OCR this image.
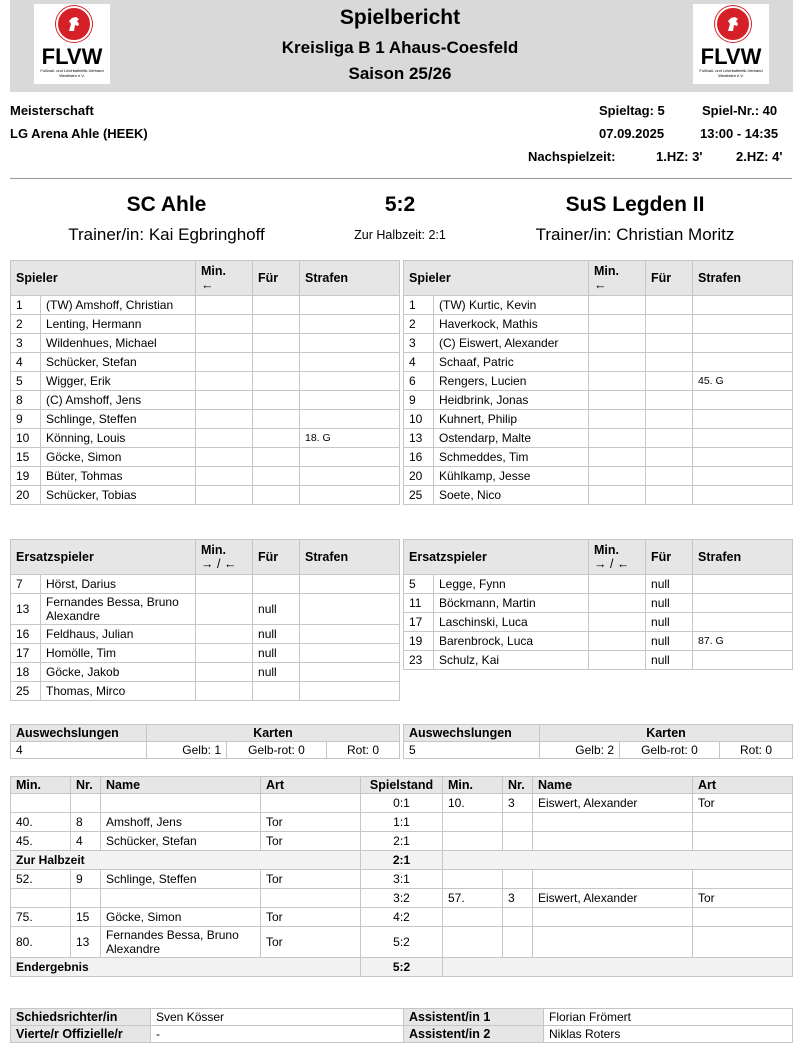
FLVW
Fußball- und Leichtathletik-Verband Westfalen e.V.
FLVW
Fußball- und Leichtathletik-Verband Westfalen e.V.
Spielbericht
Kreisliga B 1 Ahaus-Coesfeld
Saison 25/26
Meisterschaft
LG Arena Ahle (HEEK)
Spieltag: 5	Spiel-Nr.: 40
07.09.2025	13:00 - 14:35
Nachspielzeit:	1.HZ: 3'	2.HZ: 4'
SC Ahle	5:2	SuS Legden II
Trainer/in: Kai Egbringhoff	Zur Halbzeit: 2:1	Trainer/in: Christian Moritz
Spieler		Min.
←	Für	Strafen
1	(TW) Amshoff, Christian			
2	Lenting, Hermann			
3	Wildenhues, Michael			
4	Schücker, Stefan			
5	Wigger, Erik			
8	(C) Amshoff, Jens			
9	Schlinge, Steffen			
10	Könning, Louis			18. G
15	Göcke, Simon			
19	Büter, Tohmas			
20	Schücker, Tobias			
Spieler		Min.
←	Für	Strafen
1	(TW) Kurtic, Kevin			
2	Haverkock, Mathis			
3	(C) Eiswert, Alexander			
4	Schaaf, Patric			
6	Rengers, Lucien			45. G
9	Heidbrink, Jonas			
10	Kuhnert, Philip			
13	Ostendarp, Malte			
16	Schmeddes, Tim			
20	Kühlkamp, Jesse			
25	Soete, Nico			
Ersatzspieler		Min.
→ / ←	Für	Strafen
7	Hörst, Darius			
13	Fernandes Bessa, Bruno Alexandre		null	
16	Feldhaus, Julian		null	
17	Homölle, Tim		null	
18	Göcke, Jakob		null	
25	Thomas, Mirco			
Ersatzspieler		Min.
→ / ←	Für	Strafen
5	Legge, Fynn		null	
11	Böckmann, Martin		null	
17	Laschinski, Luca		null	
19	Barenbrock, Luca		null	87. G
23	Schulz, Kai		null	
Auswechslungen	Karten		
4	Gelb: 1	Gelb-rot: 0	Rot: 0
Auswechslungen	Karten		
5	Gelb: 2	Gelb-rot: 0	Rot: 0
Min.	Nr.	Name	Art	Spielstand	Min.	Nr.	Name	Art
				0:1	10.	3	Eiswert, Alexander	Tor
40.	8	Amshoff, Jens	Tor	1:1				
45.	4	Schücker, Stefan	Tor	2:1				
Zur Halbzeit				2:1				
52.	9	Schlinge, Steffen	Tor	3:1				
				3:2	57.	3	Eiswert, Alexander	Tor
75.	15	Göcke, Simon	Tor	4:2				
80.	13	Fernandes Bessa, Bruno Alexandre	Tor	5:2				
Endergebnis				5:2				
Schiedsrichter/in	Sven Kösser	Assistent/in 1	Florian Frömert
Vierte/r Offizielle/r	-	Assistent/in 2	Niklas Roters
